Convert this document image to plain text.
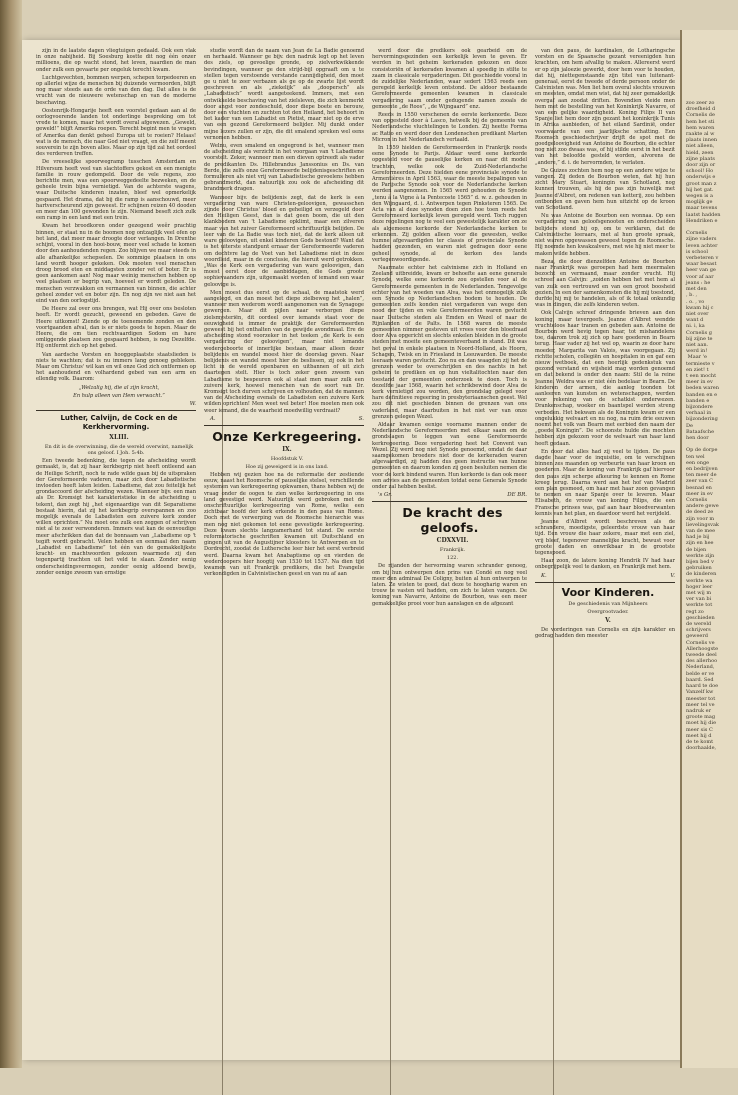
zijn in de laatste dagen vliegtuigen gedaald. Ook een vlak in onze nabijheid. Bij Soesburg kostte dit nog één onzer millioens, die op wacht stond, het leven, naardien de man onder zulk een gevaarte per ongeluk terecht kwam.

Luchtgevechten, bommen werpen, schepen torpedeeren en op allerlei wijze de menschen bij duizende vermoorden, blijft nog maar steeds aan de orde van den dag. Dat alles is de vrucht van de nieuwere wetenschap en van de moderne beschaving.

Oostenrijk-Hongarije heeft een voorstel gedaan aan al de oorlogvoerende landen tot onderlinge bespreking om tot vrede te komen, maar het wordt overal afgewezen. „Geweld, geweld!” blijft Amerika roepen. Terecht begint men te vragen of Amerika dan denkt geheel Europa uit te roeien? Helaas! wat is de mensch, die naar God niet vraagt, en die zelf meent souverein te zijn boven alles. Maar op zijn tijd zal het oordeel des verderven treffen.

De vreeselijke spoorwegramp tusschen Amsterdam en Hilversum heeft veel van slachtoffers gekost en een menigte familie in rouw gedompeld. Door de vele regens, zoo berichtte men, was een spoorweggedeelte bezweken, en de geheele trein bijna vernietigd. Van de achterste wagens, waar Duitsche kinderen inzaten, bleef wel opmerkelijk gespaard. Het drama, dat bij die ramp is aanschouwd, meer hartverscheurend zijn geweest. Er schijnen reizen 40 dooden en meer dan 100 gewonden te zijn. Niemand beseft zich zulk een ramp in een land met een trein.

Kwam het broodkoren onder gezegend weêr prachtig binnen, er staat nu in de boomen nog ontzaglijk veel ofen op het land, dat meer maar droogte door verlangen. In Drenthe schijnt, vooral in den hooi-bouw, meer veel schade te komen door den aanhoudenden regen. Zoo blijven we maar steeds in alle afhankelijke schepselen. De sommige plaatsen in ons land wordt hooger gekeken. Ook mooten veel menschen droog brood eten en middagsten zonder vet of boter. Er is geen aankomen aan! Nog maar weinig menschen hebben op veel plaatsen er begrip van, hoeveel er wordt geleden. De menschen verzwakken en vermannen van binnen, die achter geheel zonder vet en boter zijn. En nog zijn we niet aan het eind van den oorlogstijd.

De Heere zal over ons brengen, wat Hij over ons besloten heeft. Er wordt gezucht, geweend en gebeden. Gave de Heere uitkomst! Ziende op de toenemende zonden en den voortgaanden afval, dan is er niets goeds te hopen. Maar de Heere, die om tien rechtvaardigen Sodom en hare omliggende plaatsen zou gespaard hebben, is nog Dezelfde. Hij ontfermt zich op het gebed.

Van aardsche Vorsten en hooggeplaatste staatslieden is niets te wachten; dat is nu immers lang genoeg gebleken. Maar om Christus' wil kan en wil onze God zich ontfermen op het aanhoudend en volhardend gebed van een arm en ellendig volk. Daarom:

„Welzalig hij, die al zijn kracht,

En hulp alleen van Hem verwacht.”

W.

Luther, Calvijn, de Cock en de Kerkhervorming.

XLIII.

En dit is de overwinning, die de wereld overwint, namelijk ons geloof. I Joh. 5:4b.

Een tweede bedenking, die tegen de afscheiding wordt gemaakt, is, dat zij haar kerkbegrip niet heeft ontleend aan de Heilige Schrift, noch te rade wilde gaan bij de uitspraken der Gereformeerde vaderen, maar zich door Labadistische invloeden heeft laten leiden. Labadisme, dat zou feitelijk het grondaccoord der afscheiding wezen. Wanneer bijv. een man als Dr. Kromsigt het karakteristieke in de afscheiding u tekent, dan zegt hij „het eigenaardige van dit Separatisme bestaat hierin, dat zij het kerkbegrip overspannen en zoo mogelijk evenals de Labadisten een zuivere kerk zonder willen oprichten.” Nu moet ons zulk een zeggen of schrijven niet al te zeer verwonderen. Immers wat kan de eenvoudige meer afschrikken dan dat de bonnaam van „Labadisme op 't tegift wordt gebracht. Velen hebben en eenmaal den naam „Labadist en Labadisme” tot één van de gemakkelijkste kracht- en machtwoorden gekozen waarmede zij den tegenpartij trachten uit het veld te slaan. Zonder eenig onderscheidingsvermogen, zonder eenig afdoend bewijs, zonder eenige zweem van ernstige

studie wordt dan de naam van Jean de La Badie genoemd en herhaald. Wanneer ge bijv. den nadruk legt op het leven des ziels, op gevoelige gronde, op zielverkwikkende bevindingen, wanneer ge den strijd-bijl opgraaft om u te stellen tegen verstoende verstande cannijdigheid, den moet ge u niet te zeer verbazen als ge op de zwarte lijst wordt geschreven en als „ziekelijk” als „doopersch” als „Labadistisch” wordt aangeteekend. Immers, met een ontwikkelde beschaving van het zielsleven, die zich kenmerkt door angst voor zondeschuld, door diepe boete en berouw, door een vluchten en zuchten tot den Heiland, het behoort in het kader van een Labadist en Pietist, maar niet op de erve van een gezond Gereformeerd belijder. Mij dunkt onder mijne lezers zullen er zijn, die dit smalend spreken wel eens vernomen hebben.

Welnu, even smalend en ongegrond is het, wanneer men de afscheiding als verzicht in het voorgaan van 't Labadisme voorstelt. Zeker, wanneer men een dieven optreedt als vader de predikanten Ds. Hillebrandus Janssonius en Ds. van Berde, die zelfs onze Gereformeerde belijdenisgeschriften en formulieren als niet vrij van Labadistische gevoelens hebben gebrandmerkt, dan natuurlijk zou ook de afscheiding dit brandmerk dragen.

Wanneer bijv. de belijdenis zegt, dat de kerk is een vergadering van ware Christen-geloovigen, gewasschen zijnde door Christus' bloed en geheiligd en verzegeld door den Heiligen Geest, dan is dat geen boom, die uit den klankbodem van 't Labadisme opklimt, maar een zilveren maar van het zuiver Gereformeerd schriftuurlijk belijden. De leer van de La Badie was toch niet, dat de kerk alleen uit ware geloovigen, uit enkel kinderen Gods bestond? Want dat is het uiterste standpunt ernaar der Gereformeerde vaderen om dechtvre lag de Voet van het Labadisme niet in deze woordleid, maar in de conclusie, die hieruit werd getrokken. „Was de Kerk een vergadering van ware geloovigen, dan moest eerst door de aanbiddagen, die Gods groote sophievaanders zijn, uitgemaakt worden of iemand een waar geloovige is.

Men moest dus eerst op de schaal, de maatstok werd aangelegd, en dan moest het diepe zielbeweg het „halen”, wanneer men wederom wordt aangenomen van de Synagoge gewergen. Maar dit pijlen naar verborgen diepe zielsmysteriën, dit oordeel over iemands staat voor de eeuwigheid is immer de praktijk der Gereformeerden geweest bij het onthalten van de gewijde avondmaal. Ere de afscheiding stond voorzeker in het teeken „de Kerk is een vergadering der geloovigen”, maar niet iemands wedergeboorte of innerlijke bestaan, maar alleen dezer belijdenis en wandel moest hier de doorslag geven. Naar belijdenis en wandel moest hier de beslissen, zij ook in het licht in de wereld openbaren en uitbannen of uit zich daartegen stelt. Hier is toch zeker geen zweem van Labadisme te bespeuren ook al staat men maar zulk een zuivere kerk, hoewel menschen van de soort van Dr. Kromsigt toch durven schrijven en volhouden, dat de mannen van de Afscheiding evenals de Labadisten een zuivere Kerk wilden oprichten! Men weet wel beter! Hoe moeten men ook weer iemand, die de waarheid moedwillig verdraait?

A.	S.

Onze Kerkregeering.

IX.

Hoofdstuk V.

Hoe zij geweigerd is in ons land.

Hebben wij gezien hoe na de reformatie der zestiende eeuw, naast het Roomsche of pauselijke stelsel, verschillende systemen van kerkregeering opkwamen, thans hebben wij de vraag onder de oogen te zien welke kerkregeering in ons land gevestigd werd. Natuurlijk werd gebroken met de onschriftuurlijke kerkregeering van Rome, welke een zichtbaar hoofd der kerk erkende in den paus van Rome. Doch met de verwerping van de Roomsche hierarchie was men nog niet gekomen tot eene gevestigde kerkregeering. Deze kwam slechts langzamerhand tot stand. De eerste reformatorische geschriften kwamen uit Duitschland en gingen uit van de Augustijner kloosters te Antwerpen en te Dordrecht, zoodat de Luthersche leer hier het eerst verbreid werd. Daarna kwam het Anabaptisme op en vierden de wederdoopers hier hoogtij van 1530 tot 1537. Na dien tijd kwamen van uit Frankrijk predikers, die het Evangelie verkondigden in Calvinistischen geest en van nu af aan

werd door die predikers ook gearbeid om de hervormingsgezinden een kerkelijk leven te geven. Er werden in het geheim kerkeraden gekozen en deze consistoriën of kerkeraden kwamen al spoedig in stilte te zaam in classicale vergaderingen. Dit geschiedde vooral in de zuidelijke Nederlanden, waar sedert 1563 reeds een geregeld kerkelijk leven ontstond. De aldoor bestaande Gereformeerde gemeenten kwamen in classicale vergadering saam onder gedugende namen zooals de gemeente „de Roos”, „de Wijngaard” enz.

Reeds in 1550 verschenen de eerste kerkenorde. Deze van opgesteld door à Lasco, hetwelk bij de gemeente van Nederlandsche vluchtelingen te Londen. Zij heette Forma ac Ratio en werd door den Londenschen predikant Marten Micron in het Nederlandsch vertaald.

In 1559 hielden de Gereformeerden in Frankrijk reeds eene Synode te Parijs. Aldaar werd eene kerkorde opgesteld voor de pauselijke kerken en naar dit model trachten, welke ook de Zuid-Nederlandsche Gereformeerden. Deze hielden eene provinciale synode te Armentières in April 1563, waar de meeste bepalingen van de Parijsche Synode ook voor de Nederlandsche kerken werden aangenomen. In 1565 werd gehouden de Synode „tenu à la Vigne à la Pentecoste 1565” d. w. z. gehouden in den Wijngaard, d. i. Antwerpen tegen Pinksteren 1565. De Acta van al deze synoden doen zien hoe toen reeds het Gereformeerd kerkelijk leven geregeld werd. Toch ruggen deze regelingen nog te veel een gewestelijk karakter om ze als algemeene kerkorde der Nederlandsche kerken te erkennen. Zij golden alleen voor die gewesten, welke humne afgevaardigden ter classis of provinciale Synode hadden gezonden, en waren niet gedragen door eene geheel synode, al de kerken des lands vertegenwoordigende.

Naarmate echter het calvinisme zich in Holland en Zeeland uitbreidde, kwam er behoefte aan eene generale Synode, welke eene kerkorde zou opstellen voor al de Gereformeerde gemeenten in de Nederlanden. Tengevolge echter van het woeden van Alva, was het onmogelijk zulk een Synode op Nederlandschen bodem te houden. De gemeenten zelfs konden niet vergaderen van wege den nood der tijden en vele Gereformeerden waren gevlucht naar Duitsche steden als Emden en Wezel of naar de Rijnlanden of de Palts. In 1568 waren de meeste gemeenten nimmer gesteven uit vrees voor den bloedraad door Alva opgericht en slechts enkelen bleiden in de groote steden met moeite een gemeenteverband in stand. Dit was het geval in enkele plaatsen in Noord-Holland, als Hoorn, Schagen, Twisk en in Friesland in Leeuwarden. De meeste leeraars waren gevlucht. Zoo nu en dan waagden zij het de grenzen weder te overschrijden en des nachts in het geheim te prediken en op hun vieltalitochten naar den toestand der gemeenten onderzoek te doen. Toch is dezelfde jaar 1568, waarin het schrikbewind door Alva de kerk vernietigd zou worden, den grondslag gelegd voor hare definitieve regeering in presbyteriaanschen geest. Wel zou dit niet geschieden binnen de grenzen van ons vaderland, maar daarbuiten in het niet ver van onze grenzen gelegen Wezel.

Aldaar kwamen eenige voorname mannen onder de Nederlandsche Gereformeerden met elkaar saam om de grondslagen te leggen van eene Gereformeerde kerkregeering. Deze vergadering heet het Convent van Wezel. Zij werd nog niet Synode genoemd, omdat de daar saamgekomen broeders niet door de kerkeraden waren afgevaardigd, zij hadden dus geen instructie van hunne gemeenten en daarom konden zij geen besluiten nemen die voor de kerk bindend waren. Hun kerkorde is dan ook meer een advies aan de gemeenten totdat eene Generale Synode onder zal hebben beslist.

's Gr.	DE BR.

De kracht des geloofs.

CDXXVII.

Frankrijk.

122.

De rijanden der hervorming waren schrander genoeg, om bij hun ontwerpen den prins van Condé en nog veel meer den admiraal De Coligny, buiten al hun ontwerpen te laten. Ze wisten te goed, dat deze te hoogharig waren en trouw te vasten wil hadden, om zich te laten vangen. De koning van Navarre, Antoine de Bourbon, was een meer gemakkelijke prooi voor hun aanslagen en de afgezant

van den paus, de kardinalen, de Lotharingsche vorsten en de Spaansche gezant vereenigden hun krachten, om hem afvallig te maken. Allereerst werd er op zijn jaloezie gewerkt, door hem voor te houden, dat hij, niettegenstaande zijn titel van luitenant-generaal, eerst de tweede of derde persoon onder de Calvinisten was. Men liet hem overal slechts vrouwen en meesten, omdat men wist, dat hij zeer gemakkelijk overgaf aan zoodat driften. Bovendien vleide men hem met de bestelling van het Koninkrijk Navarre, of van een gelijke waardigheid. Koning Filips II van Spanje liet hem door zijn gezant het koninkrijk Tunis in Afrika aanbieden, of het eiland Sardinië, onder voorwaarde van een jaarlijksche schatting. Een Roomsch geschiedschrijver drijft de spot met de goedgeloovigheid van Antoine de Bourbon, die echter nog niet zoo dwaas was, of hij stilde eerst in het bezit van het beloofde gesteld worden, alvorens de „andere,” d. i. de hervormden, te verlaten.

De Guizes zochten hem nog op een andere wijze te vangen. Zij deden de Bourbon weten, dat hij hun zicht Mary Stuart, koningin van Schotland, nog kunnen trouwen, als hij de pas zijn huwelijk met Jeanne d'Albret, om redenen van ketterij, zou hebben ontbonden en gaven hem hun uitzicht op de kroon van Schotland.

Nu was Antoine de Bourbon een wonnaa. Op een vergadering van geloofsgenooten en onderscheiden belijders stond hij op, om te verklaren, dat de Calvinistische leeraars, met al hun groote spraak, niet waren opgewassen geweest tegen de Roomsche. Hij noemde hen kwakzalvers, met wie hij niet meer te maken wilde hebben.

Beza, die door dienzelfden Antoine de Bourbon naar Frankrijk was geroepen had hem meermalen bezocht en vermaand, maar zonder vrucht. Hij schreef aan Calvijn: „zoiden hebben het met hem al van zulk een vertrouwd en van een groot boosheid gezien. In een der samenkomsten die hij mij toestond, durfde hij mij te handelen, als of ik totaal onkundig was in dingen, die zelfs kinderen weten.

Ook Calvijn schreef dringende brieven aan den koning, maar tevergeefs. Jeanne d'Albret wendde vruchteloos haar tranen en gebeden aan. Antoine de Bourbon werd hevig tegen haar, tot mishandelens toe, daarom trok zij zich op hare goederen in Bearn terug. Haar vader zij het wel op, waarin ze door hare moeder, Margarita van Valois, was voorgegaan. Zij richtte scholen, collegiën en hospitalen in en gaf een nieuw wetboek, dat een heerlijk gedenkstuk van gezond verstand en wijsheid mag worden genoemd en dat bekend is onder den naam: Stil de la reine Jeanne. Weldra was er niet één bedelaar in Bearn. De kinderen der armen, die aanleg toonden tot aanleeren van kunsten en wetenschappen, werden voor rekening van de schatkist onderwezen. Drankenschap, woeker en baantspel werden streng verboden. Het bekwam als de Koningin kwam er een ongelukkig welvaart en nu nog, na ruim drie eeuwen noemt het volk van Bearn met eerbied den naam der „goede Koningin”. De schoonste hulde die mochten hebben zijn gekozen voor de welvaart van haar land heeft gedaan.

En door dat alles had zij veel te lijden. De paus dagde haar voor de inquisitie, om te verschijnen binnen zes maanden op verbeurte van haar kroon en goederen. Maar de koning van Frankrijk gaf hiervoor den paus zijn scherpe afkeuring te kennen en Rome kreeg terug. Daarna werd aan het hof van Madrid een plan gesmeed, om haar met haar zoon gevangen te nemen en naar Spanje over te leveren. Maar Elisabeth, de vrouw van koning Filips, die een Fransche prinses was, gaf aan haar bloedverwanten kennis van het plan, en daardoor werd het verijdeld.

Jeanne d'Albret wordt beschreven als de schrandere, moedigste, geleerdste vrouw van haar tijd. Een vrouw die haar zekere, maar met een ziel, vrij bleef, tegenover mannelijke kracht, bewust voor groote daden en onwrikbaar in de grootste tegenspoed.

Haar zoon, de latere koning Hendrik IV had haar onbegrijpelijk veel te danken, en Frankrijk met hem.

K.	V.

Voor Kinderen.

De geschiedenis van Mijnheers

Overgrootvader.

V.

De vorderingen van Cornelis en zijn karakter en gedrag hadden den meester

zoo zeer zo
droefheid d
Cornelis de
hem het sti
hem waren
raakte al w
plaats innen
niet alleen,
hield, zeen
zijne plaats
door zijn or
school! Ho
onderwijs e
groot man z
hij het gat.
wegen is a
moglijk ge
maar tevens
laatst hadden
Hendriken e

Cornelis
zijne vaders
leven achter
is school
verbeteren v
waar besast
heer van ge
voor af aar
jeans : he
met den
, b. ,
. o. , vo
kwam hij c
niet over
want d
ni. i, ka
Cornelis g
bij zijne te
niet aan.
werd in!
Maar 'e
termieste v
en ziet! t
t een mocht
meer in ev
beden waren
banden en e
banden e
bijzondere
verhaal in
bijzondering
De
Bataafsche
hen door

Op de dorpe
ten wel
een onge
en bedrijven
ten meer de
zeer van C
besnad en
meer in ev
Cornelis
andere gewe
de deed ze
zijn voor m
lievelingsvak
van de mee
had je bij
zijn en hee
de bijen
werkte zijn
bijen bed v
gebruiken
de kinderen
werkte wa
hoger leer
met wij m
ver van bi
werkte tot
regt zo
geschieden
de wereld
schrijvers
geweerd
Cornelis ve
Allerhoogste
tweede deel
des allerhoo
Nederland,
belde er ve
baard. Sed
haard te doe
Vanzelf kw
meester tot
meer tel ve
nadruk er
groote mag
moet hij die
meer sis C
meet hij d
de te komt
doorhaalde,
